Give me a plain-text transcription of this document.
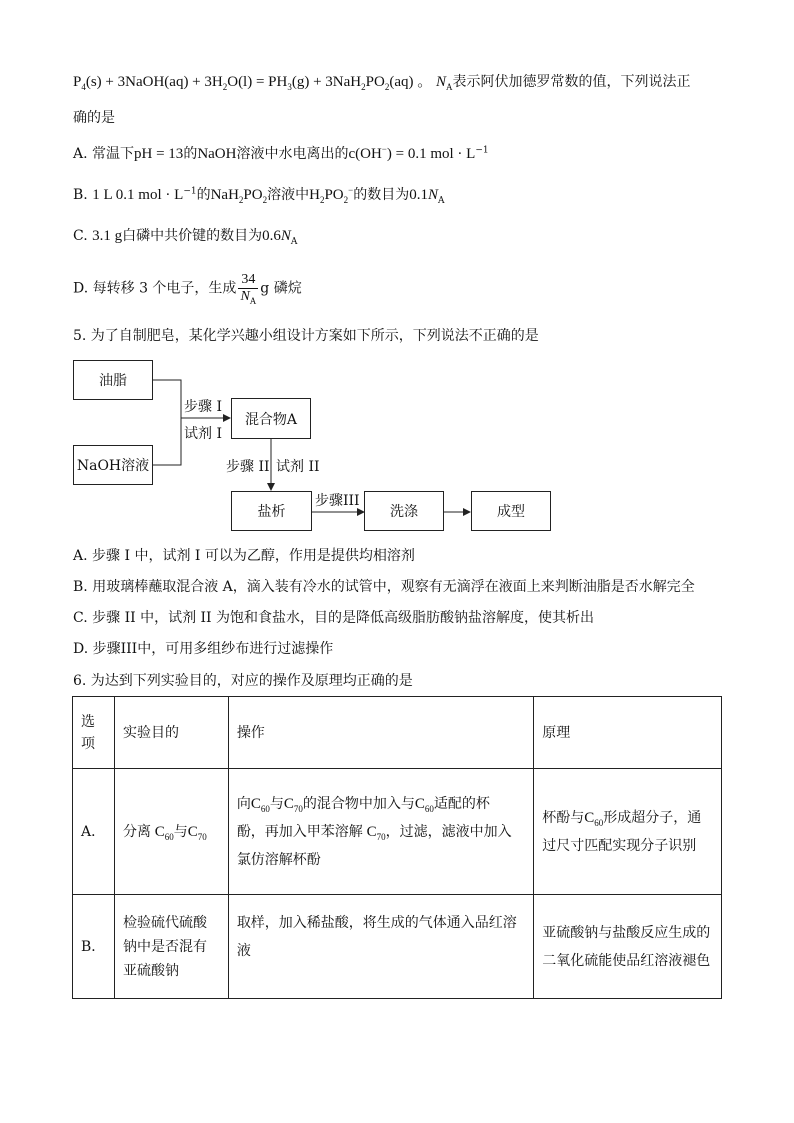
$P_4(s)$ + 3NaOH(aq) + $3H_2O(l) = PH_3(g) + 3NaH_2PO_2(aq)$ 。 $N_A$表示阿伏加德罗常数的值，下列说法正
确的是
A. 常温下pH = 13的NaOH溶液中水电离出的c(OH−) = 0.1 mol · $L^{-1}$
B. 1 L 0.1 mol · $L^{-1}$的$NaH_2PO_2$溶液中$H_2PO_2^-$的数目为$0.1N_A$
C. 3.1 g白磷中共价键的数目为$0.6N_A$
D. 每转移 3 个电子，生成 $\frac{34}{N_A}$ g 磷烷
5. 为了自制肥皂，某化学兴趣小组设计方案如下所示，下列说法不正确的是
油脂
NaOH溶液
混合物A
盐析	洗涤	成型
步骤 I
试剂 I
步骤 II 试剂 II
步骤III
A. 步骤 I 中，试剂 I 可以为乙醇，作用是提供均相溶剂
B. 用玻璃棒蘸取混合液 A，滴入装有冷水的试管中，观察有无滴浮在液面上来判断油脂是否水解完全
C. 步骤 II 中，试剂 II 为饱和食盐水，目的是降低高级脂肪酸钠盐溶解度，使其析出
D. 步骤III中，可用多组纱布进行过滤操作
6. 为达到下列实验目的，对应的操作及原理均正确的是
选项	实验目的	操作	原理
A．	分离 $C_{60}$与$C_{70}$	向$C_{60}$与$C_{70}$的混合物中加入与$C_{60}$适配的杯
酚，再加入甲苯溶解 $C_{70}$，过滤，滤液中加入
氯仿溶解杯酚	杯酚与$C_{60}$形成超分子，通
过尺寸匹配实现分子识别
B．	检验硫代硫酸钠中是否混有亚硫酸钠	取样，加入稀盐酸，将生成的气体通入品红溶液	亚硫酸钠与盐酸反应生成的二氧化硫能使品红溶液褪色
